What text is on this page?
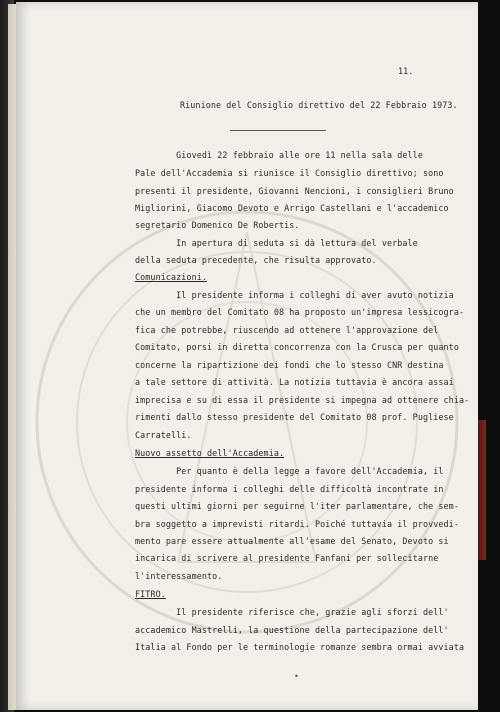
11.
Riunione del Consiglio direttivo del 22 Febbraio 1973.
Giovedì 22 febbraio alle ore 11 nella sala delle
Pale dell'Accademia si riunisce il Consiglio direttivo; sono
presenti il presidente, Giovanni Nencioni, i consiglieri Bruno
Migliorini, Giacomo Devoto e Arrigo Castellani e l'accademico
segretario Domenico De Robertis.
In apertura di seduta si dà lettura del verbale
della seduta precedente, che risulta approvato.
Comunicazioni.
Il presidente informa i colleghi di aver avuto notizia
che un membro del Comitato 08 ha proposto un'impresa lessicogra-
fica che potrebbe, riuscendo ad ottenere l'approvazione del
Comitato, porsi in diretta concorrenza con la Crusca per quanto
concerne la ripartizione dei fondi che lo stesso CNR destina
a tale settore di attività. La notizia tuttavia è ancora assai
imprecisa e su di essa il presidente si impegna ad ottenere chia-
rimenti dallo stesso presidente del Comitato 08 prof. Pugliese
Carratelli.
Nuovo assetto dell'Accademia.
Per quanto è della legge a favore dell'Accademia, il
presidente informa i colleghi delle difficoltà incontrate in
questi ultimi giorni per seguirne l'iter parlamentare, che sem-
bra soggetto a imprevisti ritardi. Poiché tuttavia il provvedi-
mento pare essere attualmente all'esame del Senato, Devoto si
incarica di scrivere al presidente Fanfani per sollecitarne
l'interessamento.
FITRO.
Il presidente riferisce che, grazie agli sforzi dell'
accademico Mastrelli, la questione della partecipazione dell'
Italia al Fondo per le terminologie romanze sembra ormai avviata
•
